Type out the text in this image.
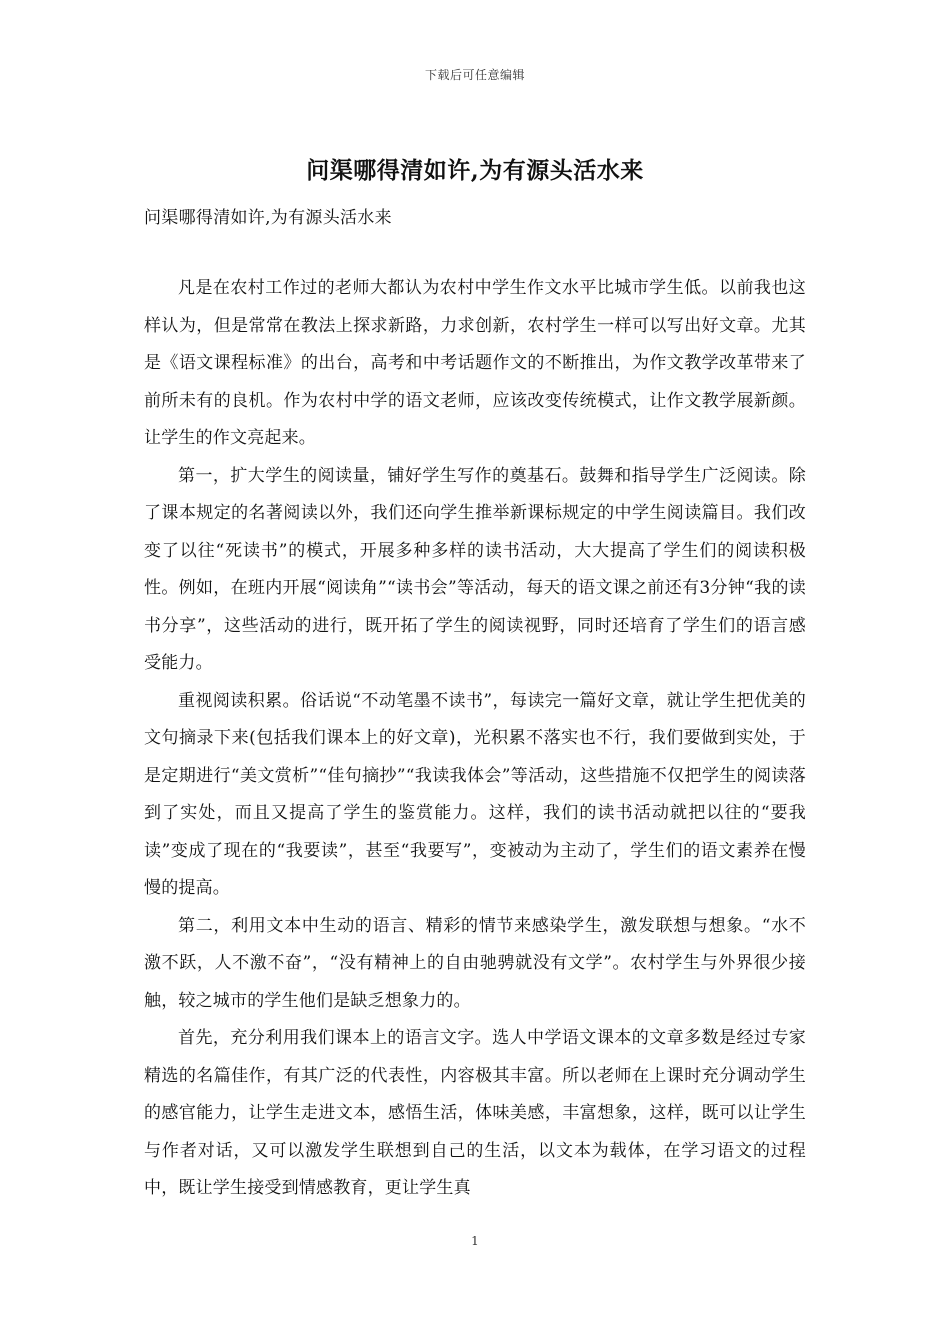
下载后可任意编辑
问渠哪得清如许,为有源头活水来
问渠哪得清如许,为有源头活水来

凡是在农村工作过的老师大都认为农村中学生作文水平比城市学生低。以前我也这样认为，但是常常在教法上探求新路，力求创新，农村学生一样可以写出好文章。尤其是《语文课程标准》的出台，高考和中考话题作文的不断推出，为作文教学改革带来了前所未有的良机。作为农村中学的语文老师，应该改变传统模式，让作文教学展新颜。让学生的作文亮起来。

第一，扩大学生的阅读量，铺好学生写作的奠基石。鼓舞和指导学生广泛阅读。除了课本规定的名著阅读以外，我们还向学生推举新课标规定的中学生阅读篇目。我们改变了以往“死读书”的模式，开展多种多样的读书活动，大大提高了学生们的阅读积极性。例如，在班内开展“阅读角”“读书会”等活动，每天的语文课之前还有3分钟“我的读书分享”，这些活动的进行，既开拓了学生的阅读视野，同时还培育了学生们的语言感受能力。

重视阅读积累。俗话说“不动笔墨不读书”，每读完一篇好文章，就让学生把优美的文句摘录下来(包括我们课本上的好文章)，光积累不落实也不行，我们要做到实处，于是定期进行“美文赏析”“佳句摘抄”“我读我体会”等活动，这些措施不仅把学生的阅读落到了实处，而且又提高了学生的鉴赏能力。这样，我们的读书活动就把以往的“要我读”变成了现在的“我要读”，甚至“我要写”，变被动为主动了，学生们的语文素养在慢慢的提高。

第二，利用文本中生动的语言、精彩的情节来感染学生，激发联想与想象。“水不激不跃，人不激不奋”，“没有精神上的自由驰骋就没有文学”。农村学生与外界很少接触，较之城市的学生他们是缺乏想象力的。

首先，充分利用我们课本上的语言文字。选人中学语文课本的文章多数是经过专家精选的名篇佳作，有其广泛的代表性，内容极其丰富。所以老师在上课时充分调动学生的感官能力，让学生走进文本，感悟生活，体味美感，丰富想象，这样，既可以让学生与作者对话，又可以激发学生联想到自己的生活，以文本为载体，在学习语文的过程中，既让学生接受到情感教育，更让学生真

1
